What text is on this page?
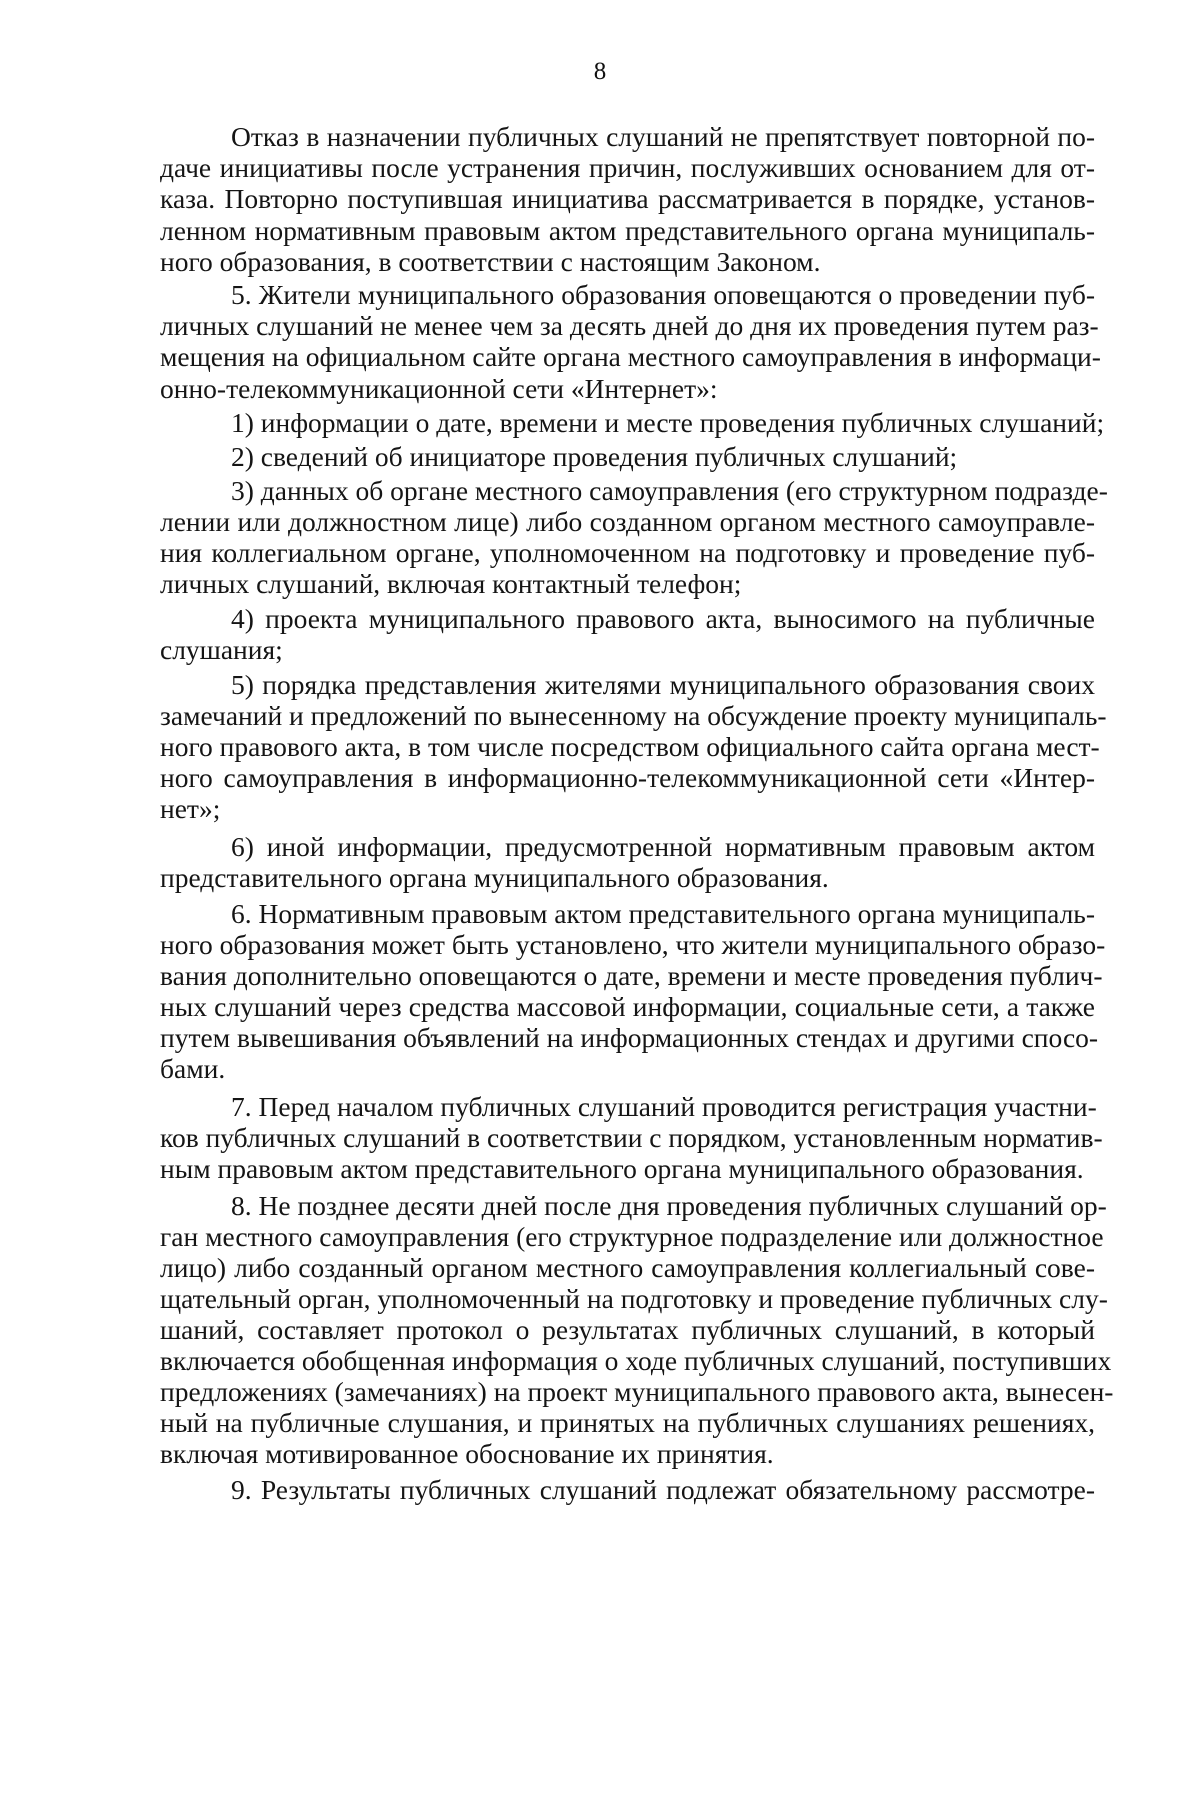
8
Отказ в назначении публичных слушаний не препятствует повторной по-
даче инициативы после устранения причин, послуживших основанием для от-
каза. Повторно поступившая инициатива рассматривается в порядке, установ-
ленном нормативным правовым актом представительного органа муниципаль-
ного образования, в соответствии с настоящим Законом.
5. Жители муниципального образования оповещаются о проведении пуб-
личных слушаний не менее чем за десять дней до дня их проведения путем раз-
мещения на официальном сайте органа местного самоуправления в информаци-
онно-телекоммуникационной сети «Интернет»:
1) информации о дате, времени и месте проведения публичных слушаний;
2) сведений об инициаторе проведения публичных слушаний;
3) данных об органе местного самоуправления (его структурном подразде-
лении или должностном лице) либо созданном органом местного самоуправле-
ния коллегиальном органе, уполномоченном на подготовку и проведение пуб-
личных слушаний, включая контактный телефон;
4) проекта муниципального правового акта, выносимого на публичные
слушания;
5) порядка представления жителями муниципального образования своих
замечаний и предложений по вынесенному на обсуждение проекту муниципаль-
ного правового акта, в том числе посредством официального сайта органа мест-
ного самоуправления в информационно-телекоммуникационной сети «Интер-
нет»;
6) иной информации, предусмотренной нормативным правовым актом
представительного органа муниципального образования.
6. Нормативным правовым актом представительного органа муниципаль-
ного образования может быть установлено, что жители муниципального образо-
вания дополнительно оповещаются о дате, времени и месте проведения публич-
ных слушаний через средства массовой информации, социальные сети, а также
путем вывешивания объявлений на информационных стендах и другими спосо-
бами.
7. Перед началом публичных слушаний проводится регистрация участни-
ков публичных слушаний в соответствии с порядком, установленным норматив-
ным правовым актом представительного органа муниципального образования.
8. Не позднее десяти дней после дня проведения публичных слушаний ор-
ган местного самоуправления (его структурное подразделение или должностное
лицо) либо созданный органом местного самоуправления коллегиальный сове-
щательный орган, уполномоченный на подготовку и проведение публичных слу-
шаний, составляет протокол о результатах публичных слушаний, в который
включается обобщенная информация о ходе публичных слушаний, поступивших
предложениях (замечаниях) на проект муниципального правового акта, вынесен-
ный на публичные слушания, и принятых на публичных слушаниях решениях,
включая мотивированное обоснование их принятия.
9. Результаты публичных слушаний подлежат обязательному рассмотре-
